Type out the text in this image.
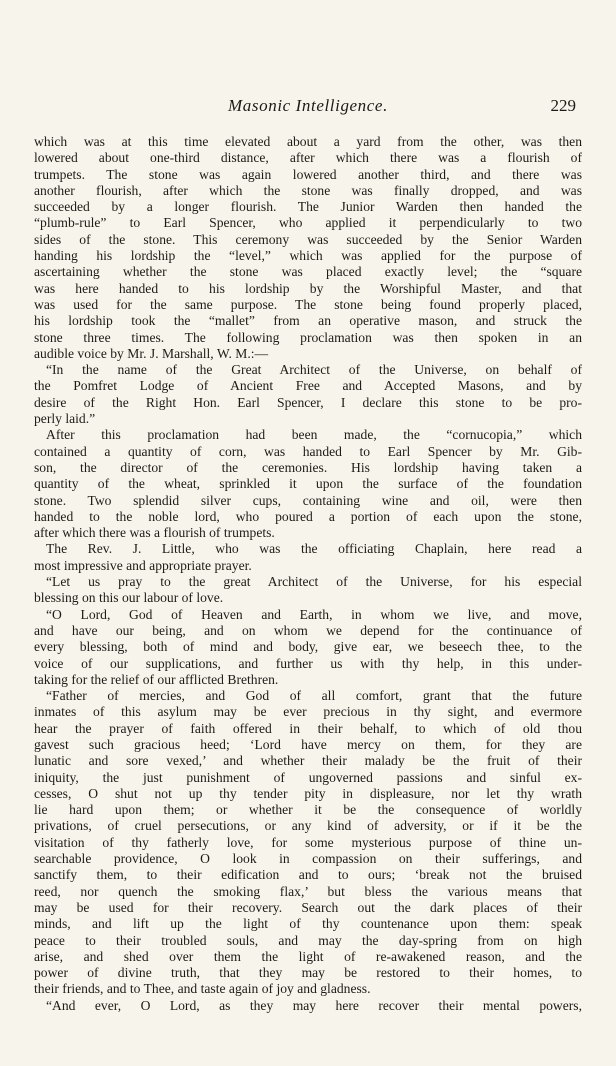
Masonic Intelligence.	229
which was at this time elevated about a yard from the other, was then
lowered about one-third distance, after which there was a flourish of
trumpets. The stone was again lowered another third, and there was
another flourish, after which the stone was finally dropped, and was
succeeded by a longer flourish. The Junior Warden then handed the
“plumb-rule” to Earl Spencer, who applied it perpendicularly to two
sides of the stone. This ceremony was succeeded by the Senior Warden
handing his lordship the “level,” which was applied for the purpose of
ascertaining whether the stone was placed exactly level; the “square
was here handed to his lordship by the Worshipful Master, and that
was used for the same purpose. The stone being found properly placed,
his lordship took the “mallet” from an operative mason, and struck the
stone three times. The following proclamation was then spoken in an
audible voice by Mr. J. Marshall, W. M.:—
“In the name of the Great Architect of the Universe, on behalf of
the Pomfret Lodge of Ancient Free and Accepted Masons, and by
desire of the Right Hon. Earl Spencer, I declare this stone to be pro-
perly laid.”
After this proclamation had been made, the “cornucopia,” which
contained a quantity of corn, was handed to Earl Spencer by Mr. Gib-
son, the director of the ceremonies. His lordship having taken a
quantity of the wheat, sprinkled it upon the surface of the foundation
stone. Two splendid silver cups, containing wine and oil, were then
handed to the noble lord, who poured a portion of each upon the stone,
after which there was a flourish of trumpets.
The Rev. J. Little, who was the officiating Chaplain, here read a
most impressive and appropriate prayer.
“Let us pray to the great Architect of the Universe, for his especial
blessing on this our labour of love.
“O Lord, God of Heaven and Earth, in whom we live, and move,
and have our being, and on whom we depend for the continuance of
every blessing, both of mind and body, give ear, we beseech thee, to the
voice of our supplications, and further us with thy help, in this under-
taking for the relief of our afflicted Brethren.
“Father of mercies, and God of all comfort, grant that the future
inmates of this asylum may be ever precious in thy sight, and evermore
hear the prayer of faith offered in their behalf, to which of old thou
gavest such gracious heed; ‘Lord have mercy on them, for they are
lunatic and sore vexed,’ and whether their malady be the fruit of their
iniquity, the just punishment of ungoverned passions and sinful ex-
cesses, O shut not up thy tender pity in displeasure, nor let thy wrath
lie hard upon them; or whether it be the consequence of worldly
privations, of cruel persecutions, or any kind of adversity, or if it be the
visitation of thy fatherly love, for some mysterious purpose of thine un-
searchable providence, O look in compassion on their sufferings, and
sanctify them, to their edification and to ours; ‘break not the bruised
reed, nor quench the smoking flax,’ but bless the various means that
may be used for their recovery. Search out the dark places of their
minds, and lift up the light of thy countenance upon them: speak
peace to their troubled souls, and may the day-spring from on high
arise, and shed over them the light of re-awakened reason, and the
power of divine truth, that they may be restored to their homes, to
their friends, and to Thee, and taste again of joy and gladness.
“And ever, O Lord, as they may here recover their mental powers,
